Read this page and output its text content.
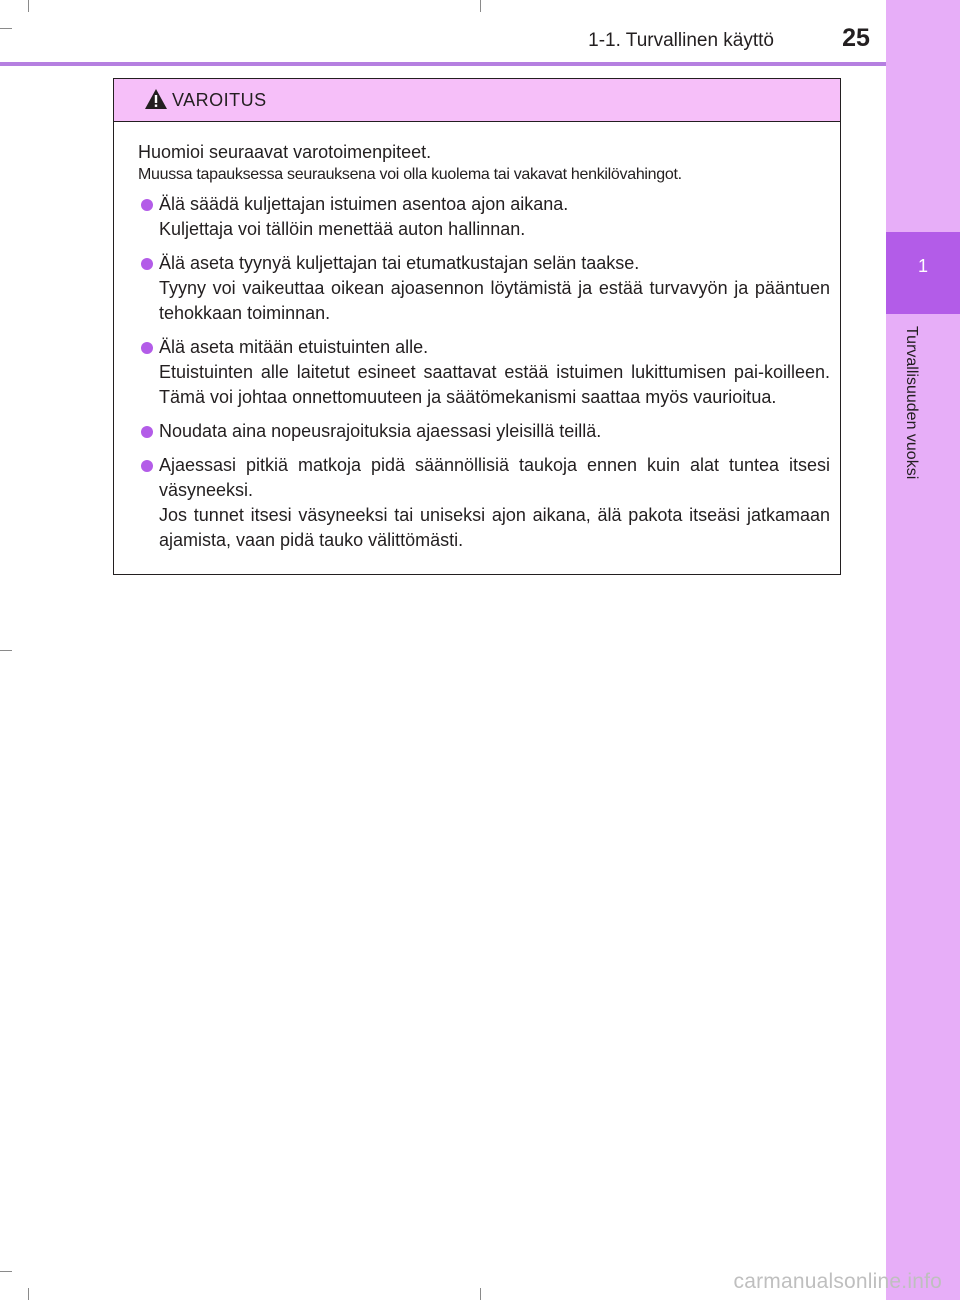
1
Turvallisuuden vuoksi
1-1. Turvallinen käyttö	25
VAROITUS

Huomioi seuraavat varotoimenpiteet.

Muussa tapauksessa seurauksena voi olla kuolema tai vakavat henkilövahingot.

Älä säädä kuljettajan istuimen asentoa ajon aikana.

Kuljettaja voi tällöin menettää auton hallinnan.

Älä aseta tyynyä kuljettajan tai etumatkustajan selän taakse.

Tyyny voi vaikeuttaa oikean ajoasennon löytämistä ja estää turvavyön ja pääntuen tehokkaan toiminnan.

Älä aseta mitään etuistuinten alle.

Etuistuinten alle laitetut esineet saattavat estää istuimen lukittumisen pai-koilleen. Tämä voi johtaa onnettomuuteen ja säätömekanismi saattaa myös vaurioitua.

Noudata aina nopeusrajoituksia ajaessasi yleisillä teillä.

Ajaessasi pitkiä matkoja pidä säännöllisiä taukoja ennen kuin alat tuntea itsesi väsyneeksi.

Jos tunnet itsesi väsyneeksi tai uniseksi ajon aikana, älä pakota itseäsi jatkamaan ajamista, vaan pidä tauko välittömästi.

carmanualsonline.info
